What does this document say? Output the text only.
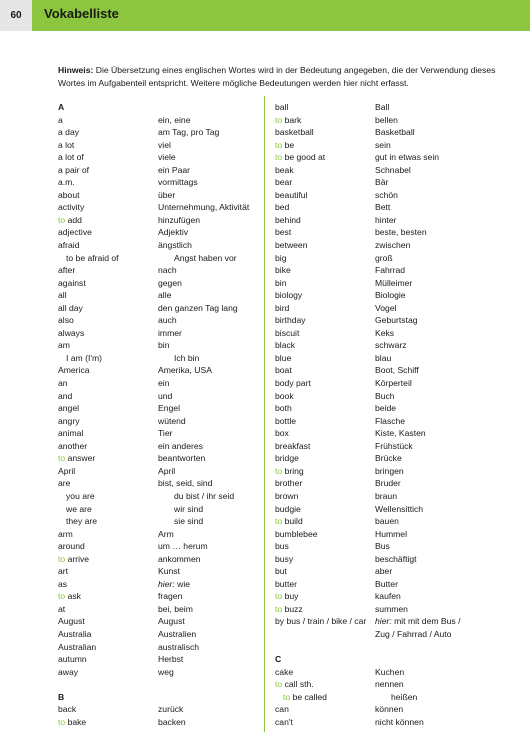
60	Vokabelliste
Hinweis: Die Übersetzung eines englischen Wortes wird in der Bedeutung angegeben, die der Verwendung dieses Wortes im Aufgabenteil entspricht. Weitere mögliche Bedeutungen werden hier nicht erfasst.
A
a	ein, eine
a day	am Tag, pro Tag
a lot	viel
a lot of	viele
a pair of	ein Paar
a.m.	vormittags
about	über
activity	Unternehmung, Aktivität
to add	hinzufügen
adjective	Adjektiv
afraid	ängstlich
to be afraid of	Angst haben vor
after	nach
against	gegen
all	alle
all day	den ganzen Tag lang
also	auch
always	immer
am	bin
I am (I'm)	Ich bin
America	Amerika, USA
an	ein
and	und
angel	Engel
angry	wütend
animal	Tier
another	ein anderes
to answer	beantworten
April	April
are	bist, seid, sind
you are	du bist / ihr seid
we are	wir sind
they are	sie sind
arm	Arm
around	um … herum
to arrive	ankommen
art	Kunst
as	hier: wie
to ask	fragen
at	bei, beim
August	August
Australia	Australien
Australian	australisch
autumn	Herbst
away	weg
B
back	zurück
to bake	backen
ball	Ball
to bark	bellen
basketball	Basketball
to be	sein
to be good at	gut in etwas sein
beak	Schnabel
bear	Bär
beautiful	schön
bed	Bett
behind	hinter
best	beste, besten
between	zwischen
big	groß
bike	Fahrrad
bin	Mülleimer
biology	Biologie
bird	Vogel
birthday	Geburtstag
biscuit	Keks
black	schwarz
blue	blau
boat	Boot, Schiff
body part	Körperteil
book	Buch
both	beide
bottle	Flasche
box	Kiste, Kasten
breakfast	Frühstück
bridge	Brücke
to bring	bringen
brother	Bruder
brown	braun
budgie	Wellensittich
to build	bauen
bumblebee	Hummel
bus	Bus
busy	beschäftigt
but	aber
butter	Butter
to buy	kaufen
to buzz	summen
by bus / train / bike / car	hier: mit mit dem Bus /
Zug / Fahrrad / Auto
C
cake	Kuchen
to call sth.	nennen
to be called	heißen
can	können
can't	nicht können
